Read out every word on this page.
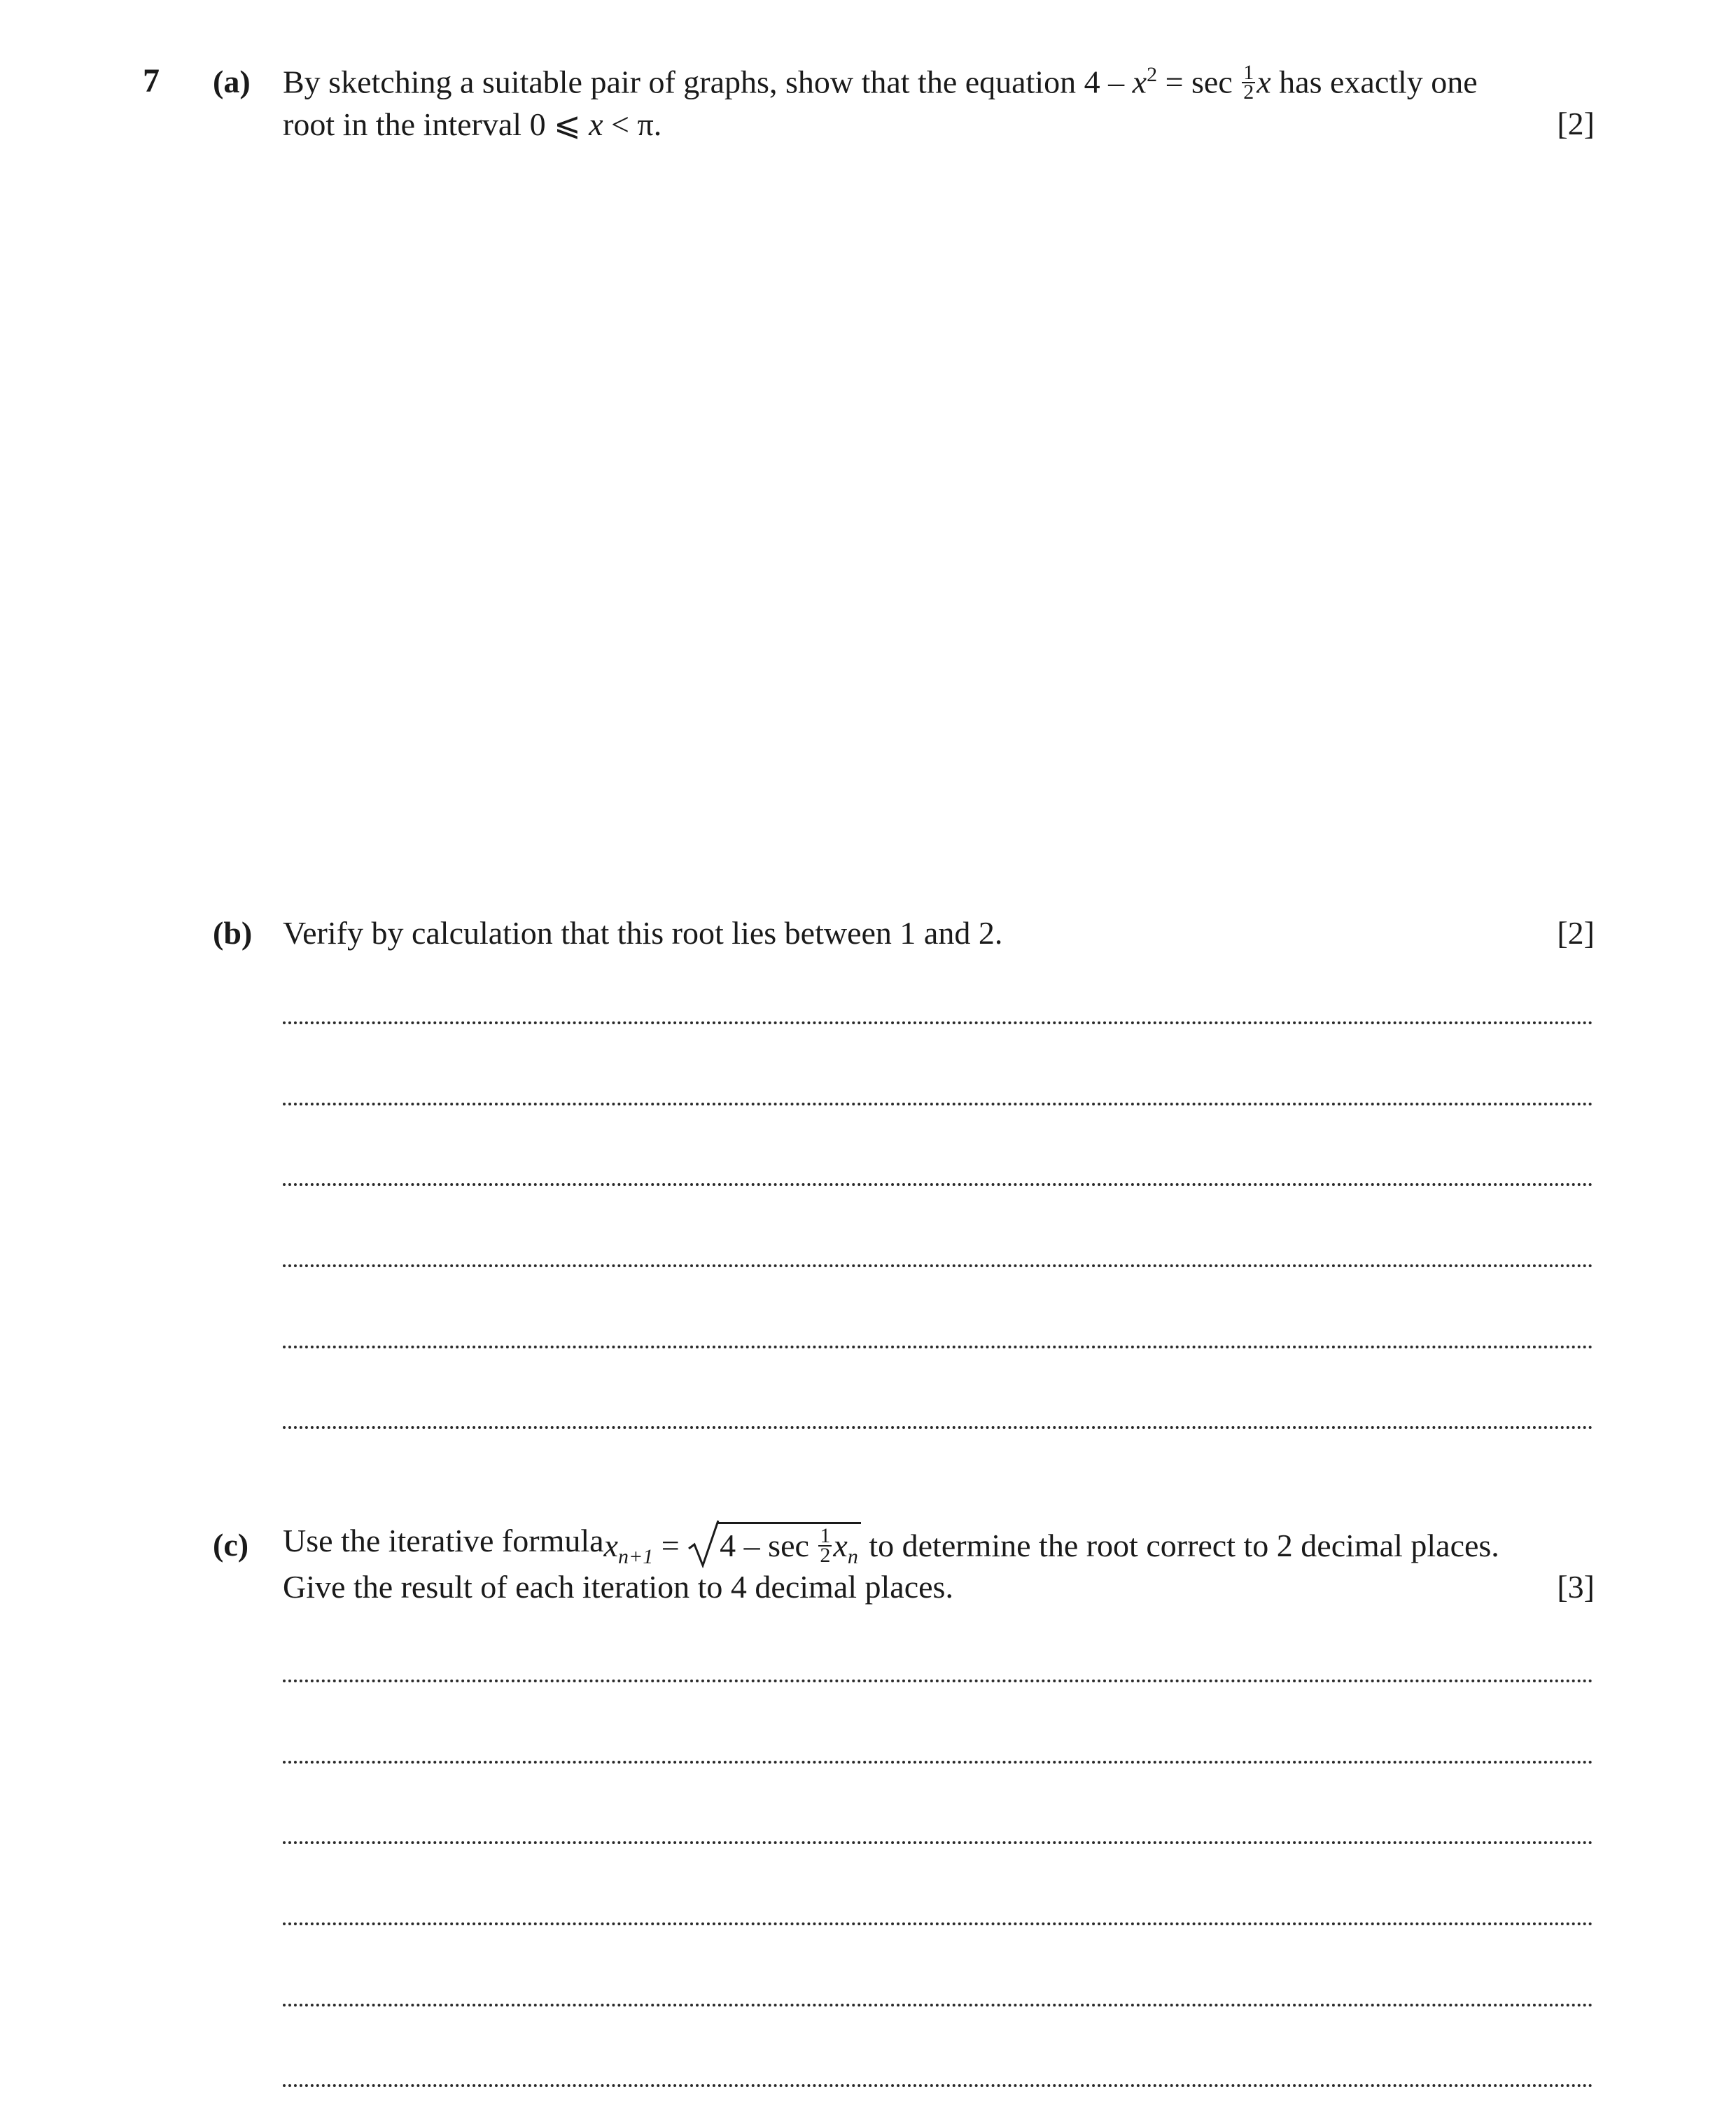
7 (a) By sketching a suitable pair of graphs, show that the equation $4 - x^2 = \sec \frac{1}{2}$ x has exactly one
root in the interval 0 ⩽ x < π.	[2]
(b) Verify by calculation that this root lies between 1 and 2.	[2]
(c) Use the iterative formula $x_{n+1}$ =
$4 - \sec \frac{1}{2} x_n$ to determine the root correct to 2 decimal places.
Give the result of each iteration to 4 decimal places.	[3]
